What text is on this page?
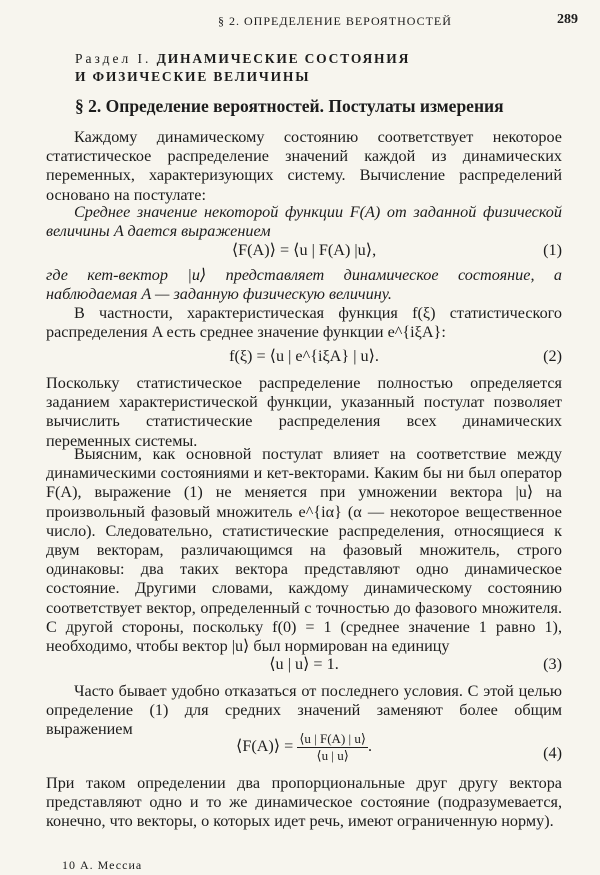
§ 2. ОПРЕДЕЛЕНИЕ ВЕРОЯТНОСТЕЙ	289
Раздел I. ДИНАМИЧЕСКИЕ СОСТОЯНИЯ
И ФИЗИЧЕСКИЕ ВЕЛИЧИНЫ
§ 2. Определение вероятностей. Постулаты измерения
Каждому динамическому состоянию соответствует некоторое статистическое распределение значений каждой из динамических переменных, характеризующих систему. Вычисление распределений основано на постулате:
Среднее значение некоторой функции F(A) от заданной физической величины A дается выражением
⟨F(A)⟩ = ⟨u | F(A) |u⟩,	(1)
где кет-вектор |u⟩ представляет динамическое состояние, а наблюдаемая A — заданную физическую величину.
В частности, характеристическая функция f(ξ) статистического распределения A есть среднее значение функции e^{iξA}:
f(ξ) = ⟨u | e^{iξA} | u⟩.	(2)
Поскольку статистическое распределение полностью определяется заданием характеристической функции, указанный постулат позволяет вычислить статистические распределения всех динамических переменных системы.
Выясним, как основной постулат влияет на соответствие между динамическими состояниями и кет-векторами. Каким бы ни был оператор F(A), выражение (1) не меняется при умножении вектора |u⟩ на произвольный фазовый множитель e^{iα} (α — некоторое вещественное число). Следовательно, статистические распределения, относящиеся к двум векторам, различающимся на фазовый множитель, строго одинаковы: два таких вектора представляют одно динамическое состояние. Другими словами, каждому динамическому состоянию соответствует вектор, определенный с точностью до фазового множителя. С другой стороны, поскольку f(0) = 1 (среднее значение 1 равно 1), необходимо, чтобы вектор |u⟩ был нормирован на единицу
⟨u | u⟩ = 1.	(3)
Часто бывает удобно отказаться от последнего условия. С этой целью определение (1) для средних значений заменяют более общим выражением
⟨F(A)⟩ = $\frac{⟨u | F(A) | u⟩}{⟨u | u⟩}$ .	(4)
При таком определении два пропорциональные друг другу вектора представляют одно и то же динамическое состояние (подразумевается, конечно, что векторы, о которых идет речь, имеют ограниченную норму).
10 А. Мессиа
